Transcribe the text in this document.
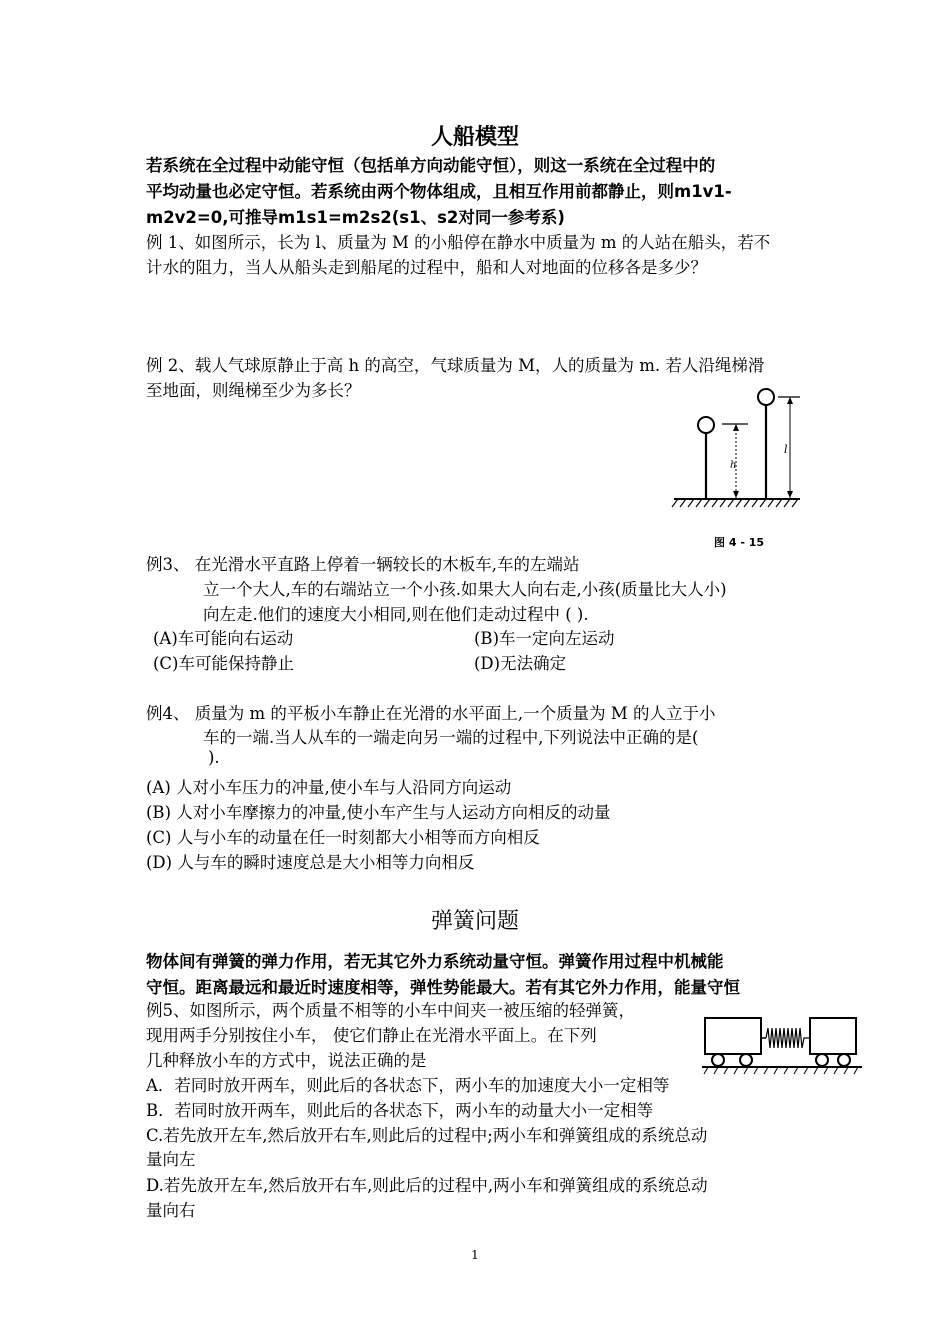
人船模型
若系统在全过程中动能守恒（包括单方向动能守恒），则这一系统在全过程中的
平均动量也必定守恒。若系统由两个物体组成，且相互作用前都静止，则m1v1-
m2v2=0,可推导m1s1=m2s2(s1、s2对同一参考系)
例 1、如图所示，长为 l、质量为 M 的小船停在静水中质量为 m 的人站在船头，若不
计水的阻力，当人从船头走到船尾的过程中，船和人对地面的位移各是多少？
例 2、载人气球原静止于高 h 的高空，气球质量为 M，人的质量为 m. 若人沿绳梯滑
至地面，则绳梯至少为多长？
h
l
图 4 - 15
例3、 在光滑水平直路上停着一辆较长的木板车,车的左端站
立一个大人,车的右端站立一个小孩.如果大人向右走,小孩(质量比大人小)
向左走.他们的速度大小相同,则在他们走动过程中 ( ).
(A)车可能向右运动	(B)车一定向左运动
(C)车可能保持静止	(D)无法确定
例4、 质量为 m 的平板小车静止在光滑的水平面上,一个质量为 M 的人立于小
车的一端.当人从车的一端走向另一端的过程中,下列说法中正确的是(
).
(A) 人对小车压力的冲量,使小车与人沿同方向运动
(B) 人对小车摩擦力的冲量,使小车产生与人运动方向相反的动量
(C) 人与小车的动量在任一时刻都大小相等而方向相反
(D) 人与车的瞬时速度总是大小相等力向相反
弹簧问题
物体间有弹簧的弹力作用，若无其它外力系统动量守恒。弹簧作用过程中机械能
守恒。距离最远和最近时速度相等，弹性势能最大。若有其它外力作用，能量守恒
例5、如图所示，两个质量不相等的小车中间夹一被压缩的轻弹簧，
现用两手分别按住小车， 使它们静止在光滑水平面上。在下列
几种释放小车的方式中，说法正确的是
A．若同时放开两车，则此后的各状态下，两小车的加速度大小一定相等
B．若同时放开两车，则此后的各状态下，两小车的动量大小一定相等
C.若先放开左车,然后放开右车,则此后的过程中;两小车和弹簧组成的系统总动
量向左
D.若先放开左车,然后放开右车,则此后的过程中,两小车和弹簧组成的系统总动
量向右
1
